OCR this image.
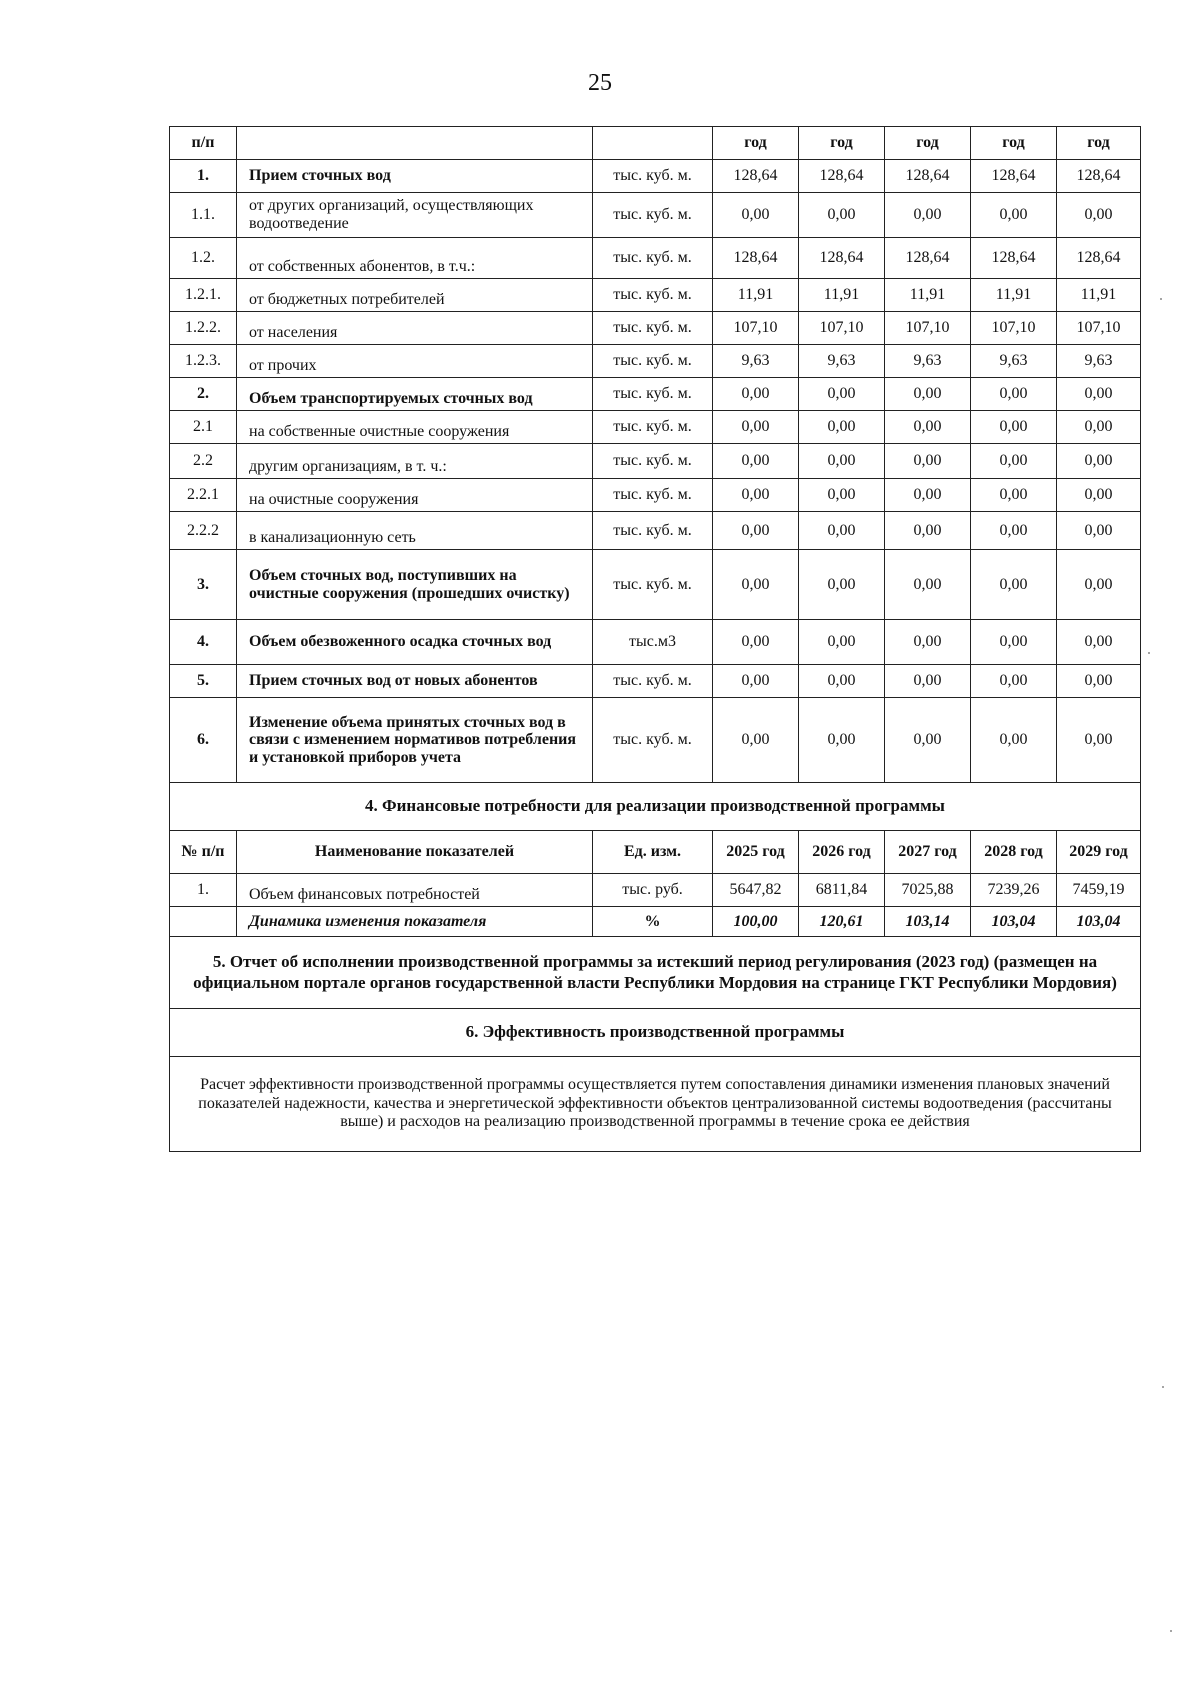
25
п/п			год	год	год	год	год
1.	Прием сточных вод	тыс. куб. м.	128,64	128,64	128,64	128,64	128,64
1.1.	от других организаций, осуществляющих водоотведение	тыс. куб. м.	0,00	0,00	0,00	0,00	0,00
1.2.	от собственных абонентов, в т.ч.:	тыс. куб. м.	128,64	128,64	128,64	128,64	128,64
1.2.1.	от бюджетных потребителей	тыс. куб. м.	11,91	11,91	11,91	11,91	11,91
1.2.2.	от населения	тыс. куб. м.	107,10	107,10	107,10	107,10	107,10
1.2.3.	от прочих	тыс. куб. м.	9,63	9,63	9,63	9,63	9,63
2.	Объем транспортируемых сточных вод	тыс. куб. м.	0,00	0,00	0,00	0,00	0,00
2.1	на собственные очистные сооружения	тыс. куб. м.	0,00	0,00	0,00	0,00	0,00
2.2	другим организациям, в т. ч.:	тыс. куб. м.	0,00	0,00	0,00	0,00	0,00
2.2.1	на очистные сооружения	тыс. куб. м.	0,00	0,00	0,00	0,00	0,00
2.2.2	в канализационную сеть	тыс. куб. м.	0,00	0,00	0,00	0,00	0,00
3.	Объем сточных вод, поступивших на очистные сооружения (прошедших очистку)	тыс. куб. м.	0,00	0,00	0,00	0,00	0,00
4.	Объем обезвоженного осадка сточных вод	тыс.м3	0,00	0,00	0,00	0,00	0,00
5.	Прием сточных вод от новых абонентов	тыс. куб. м.	0,00	0,00	0,00	0,00	0,00
6.	Изменение объема принятых сточных вод в связи с изменением нормативов потребления и установкой приборов учета	тыс. куб. м.	0,00	0,00	0,00	0,00	0,00
4. Финансовые потребности для реализации производственной программы							
№ п/п	Наименование показателей	Ед. изм.	2025 год	2026 год	2027 год	2028 год	2029 год
1.	Объем финансовых потребностей	тыс. руб.	5647,82	6811,84	7025,88	7239,26	7459,19
	Динамика изменения показателя	%	100,00	120,61	103,14	103,04	103,04
5. Отчет об исполнении производственной программы за истекший период регулирования (2023 год) (размещен на официальном портале органов государственной власти Республики Мордовия на странице ГКТ Республики Мордовия)							
6. Эффективность производственной программы							
Расчет эффективности производственной программы осуществляется путем сопоставления динамики изменения плановых значений показателей надежности, качества и энергетической эффективности объектов централизованной системы водоотведения (рассчитаны выше) и расходов на реализацию производственной программы в течение срока ее действия							
